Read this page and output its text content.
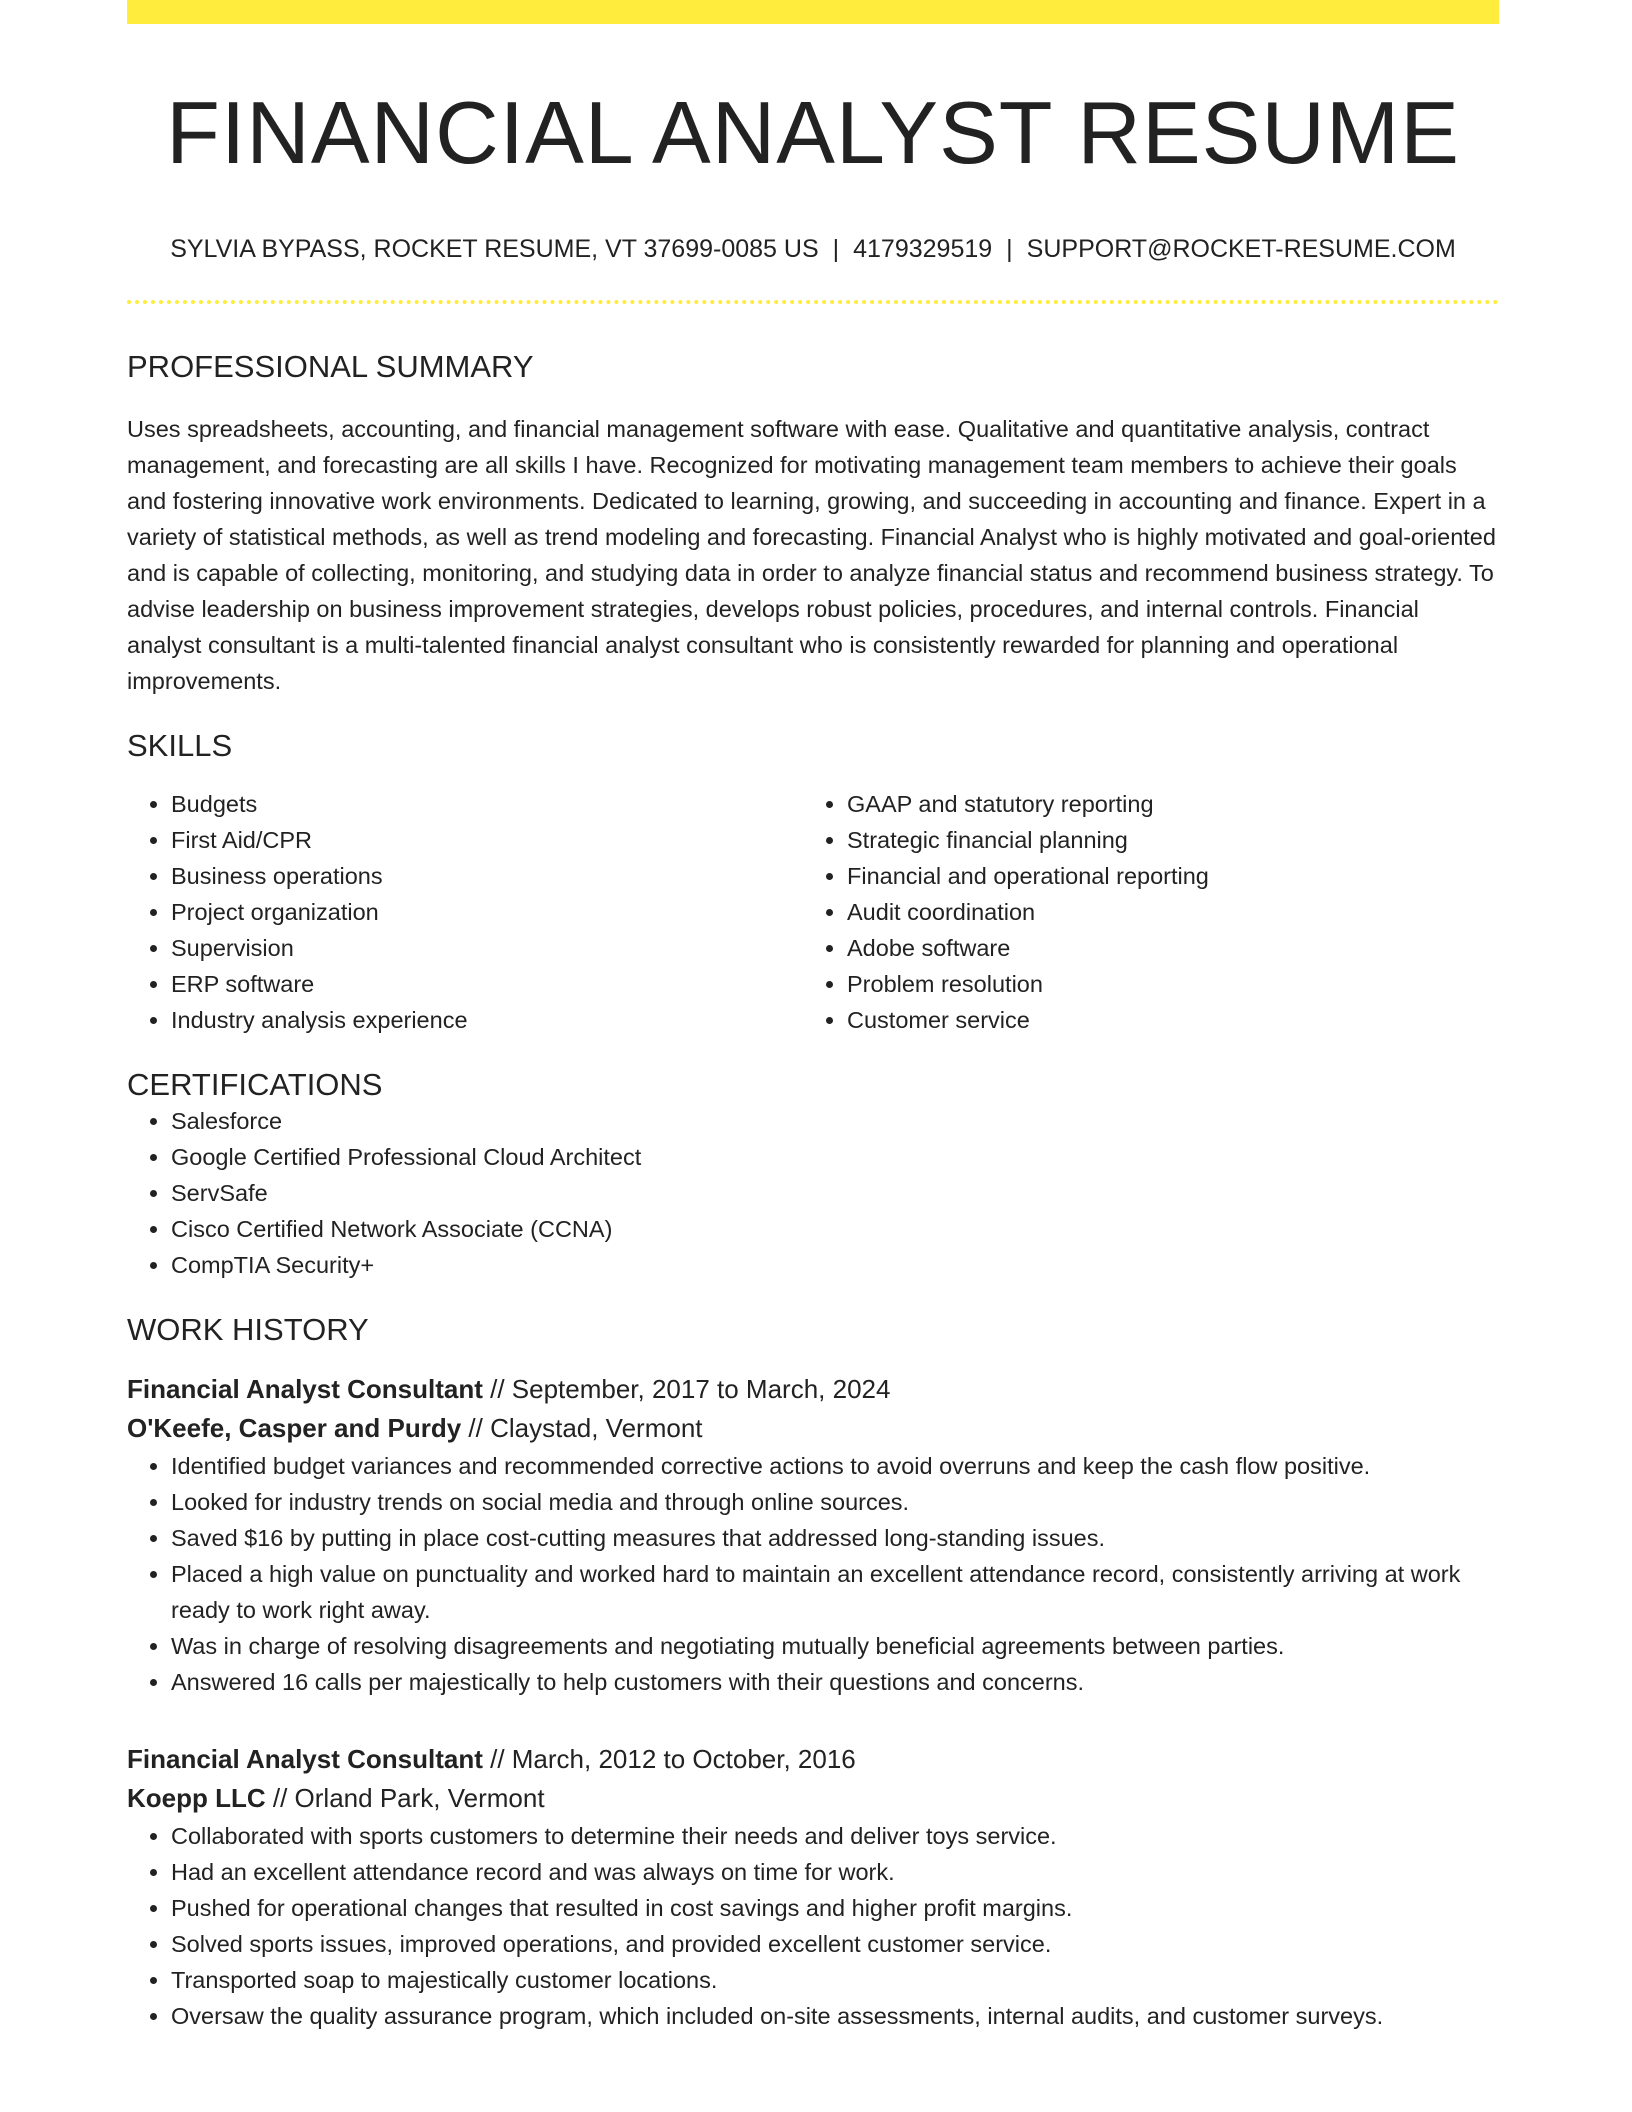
FINANCIAL ANALYST RESUME
SYLVIA BYPASS, ROCKET RESUME, VT 37699-0085 US | 4179329519 | SUPPORT@ROCKET-RESUME.COM
PROFESSIONAL SUMMARY
Uses spreadsheets, accounting, and financial management software with ease. Qualitative and quantitative analysis, contract management, and forecasting are all skills I have. Recognized for motivating management team members to achieve their goals and fostering innovative work environments. Dedicated to learning, growing, and succeeding in accounting and finance. Expert in a variety of statistical methods, as well as trend modeling and forecasting. Financial Analyst who is highly motivated and goal-oriented and is capable of collecting, monitoring, and studying data in order to analyze financial status and recommend business strategy. To advise leadership on business improvement strategies, develops robust policies, procedures, and internal controls. Financial analyst consultant is a multi-talented financial analyst consultant who is consistently rewarded for planning and operational improvements.
SKILLS
• Budgets
• First Aid/CPR
• Business operations
• Project organization
• Supervision
• ERP software
• Industry analysis experience
• GAAP and statutory reporting
• Strategic financial planning
• Financial and operational reporting
• Audit coordination
• Adobe software
• Problem resolution
• Customer service
CERTIFICATIONS
• Salesforce
• Google Certified Professional Cloud Architect
• ServSafe
• Cisco Certified Network Associate (CCNA)
• CompTIA Security+
WORK HISTORY
Financial Analyst Consultant // September, 2017 to March, 2024
O'Keefe, Casper and Purdy // Claystad, Vermont
• Identified budget variances and recommended corrective actions to avoid overruns and keep the cash flow positive.
• Looked for industry trends on social media and through online sources.
• Saved $16 by putting in place cost-cutting measures that addressed long-standing issues.
• Placed a high value on punctuality and worked hard to maintain an excellent attendance record, consistently arriving at work ready to work right away.
• Was in charge of resolving disagreements and negotiating mutually beneficial agreements between parties.
• Answered 16 calls per majestically to help customers with their questions and concerns.
Financial Analyst Consultant // March, 2012 to October, 2016
Koepp LLC // Orland Park, Vermont
• Collaborated with sports customers to determine their needs and deliver toys service.
• Had an excellent attendance record and was always on time for work.
• Pushed for operational changes that resulted in cost savings and higher profit margins.
• Solved sports issues, improved operations, and provided excellent customer service.
• Transported soap to majestically customer locations.
• Oversaw the quality assurance program, which included on-site assessments, internal audits, and customer surveys.
